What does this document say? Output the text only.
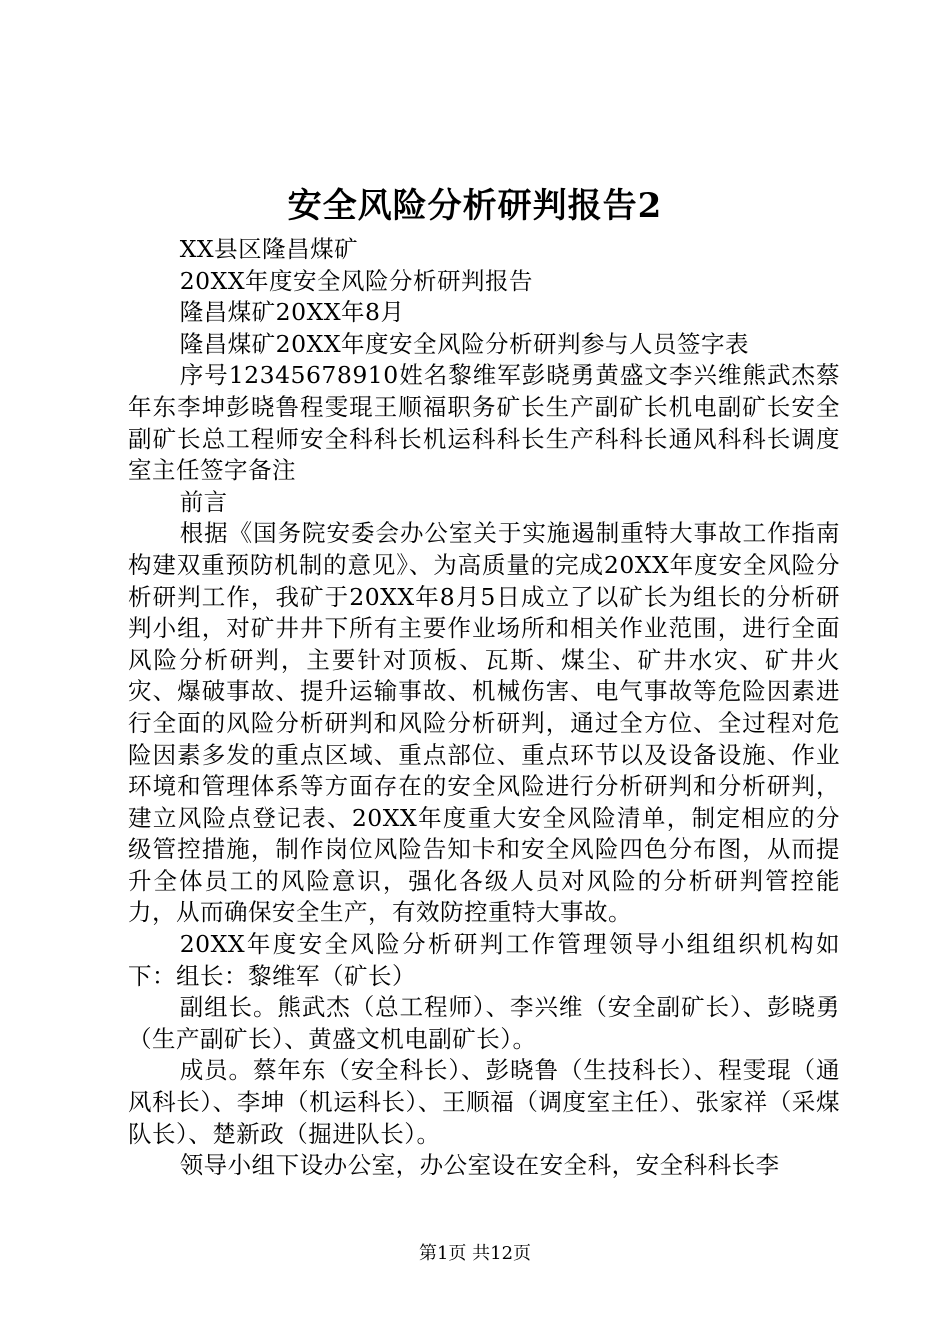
安全风险分析研判报告2

XX县区隆昌煤矿

20XX年度安全风险分析研判报告

隆昌煤矿20XX年8月

隆昌煤矿20XX年度安全风险分析研判参与人员签字表

序号12345678910姓名黎维军彭晓勇黄盛文李兴维熊武杰蔡年东李坤彭晓鲁程雯琨王顺福职务矿长生产副矿长机电副矿长安全副矿长总工程师安全科科长机运科科长生产科科长通风科科长调度室主任签字备注

前言

根据《国务院安委会办公室关于实施遏制重特大事故工作指南构建双重预防机制的意见》、为高质量的完成20XX年度安全风险分析研判工作，我矿于20XX年8月5日成立了以矿长为组长的分析研判小组，对矿井井下所有主要作业场所和相关作业范围，进行全面风险分析研判，主要针对顶板、瓦斯、煤尘、矿井水灾、矿井火灾、爆破事故、提升运输事故、机械伤害、电气事故等危险因素进行全面的风险分析研判和风险分析研判，通过全方位、全过程对危险因素多发的重点区域、重点部位、重点环节以及设备设施、作业环境和管理体系等方面存在的安全风险进行分析研判和分析研判，建立风险点登记表、20XX年度重大安全风险清单，制定相应的分级管控措施，制作岗位风险告知卡和安全风险四色分布图，从而提升全体员工的风险意识，强化各级人员对风险的分析研判管控能力，从而确保安全生产，有效防控重特大事故。

20XX年度安全风险分析研判工作管理领导小组组织机构如下：组长：黎维军（矿长）

副组长。熊武杰（总工程师）、李兴维（安全副矿长）、彭晓勇（生产副矿长）、黄盛文机电副矿长）。

成员。蔡年东（安全科长）、彭晓鲁（生技科长）、程雯琨（通风科长）、李坤（机运科长）、王顺福（调度室主任）、张家祥（采煤队长）、楚新政（掘进队长）。

领导小组下设办公室，办公室设在安全科，安全科科长李

第1页 共12页
